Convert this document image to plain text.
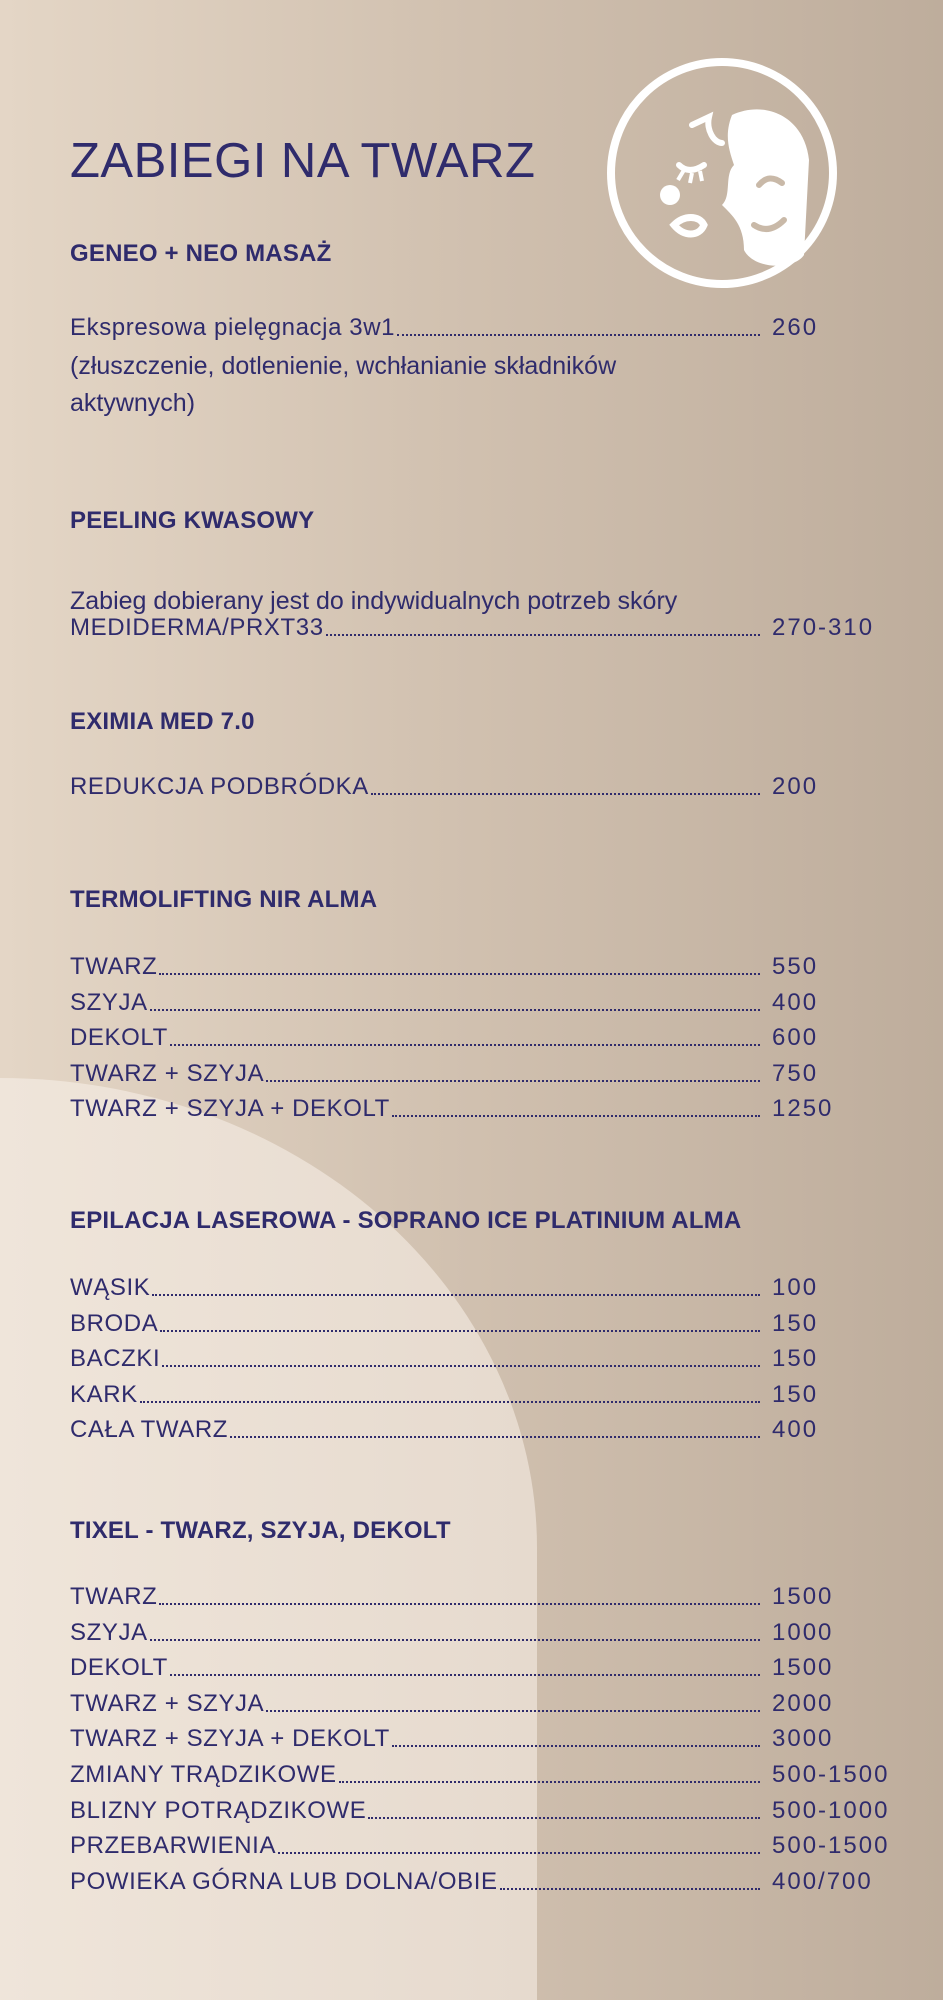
ZABIEGI NA TWARZ
GENEO + NEO MASAŻ
Ekspresowa pielęgnacja 3w1	260

(złuszczenie, dotlenienie, wchłanianie składników

aktywnych)

PEELING KWASOWY

Zabieg dobierany jest do indywidualnych potrzeb skóry

MEDIDERMA/PRXT33	270-310
EXIMIA MED 7.0
REDUKCJA PODBRÓDKA	200
TERMOLIFTING NIR ALMA
TWARZ	550
SZYJA	400
DEKOLT	600
TWARZ + SZYJA	750
TWARZ + SZYJA + DEKOLT	1250
EPILACJA LASEROWA - SOPRANO ICE PLATINIUM ALMA
WĄSIK	100
BRODA	150
BACZKI	150
KARK	150
CAŁA TWARZ	400
TIXEL - TWARZ, SZYJA, DEKOLT
TWARZ	1500
SZYJA	1000
DEKOLT	1500
TWARZ + SZYJA	2000
TWARZ + SZYJA + DEKOLT	3000
ZMIANY TRĄDZIKOWE	500-1500
BLIZNY POTRĄDZIKOWE	500-1000
PRZEBARWIENIA	500-1500
POWIEKA GÓRNA LUB DOLNA/OBIE	400/700
